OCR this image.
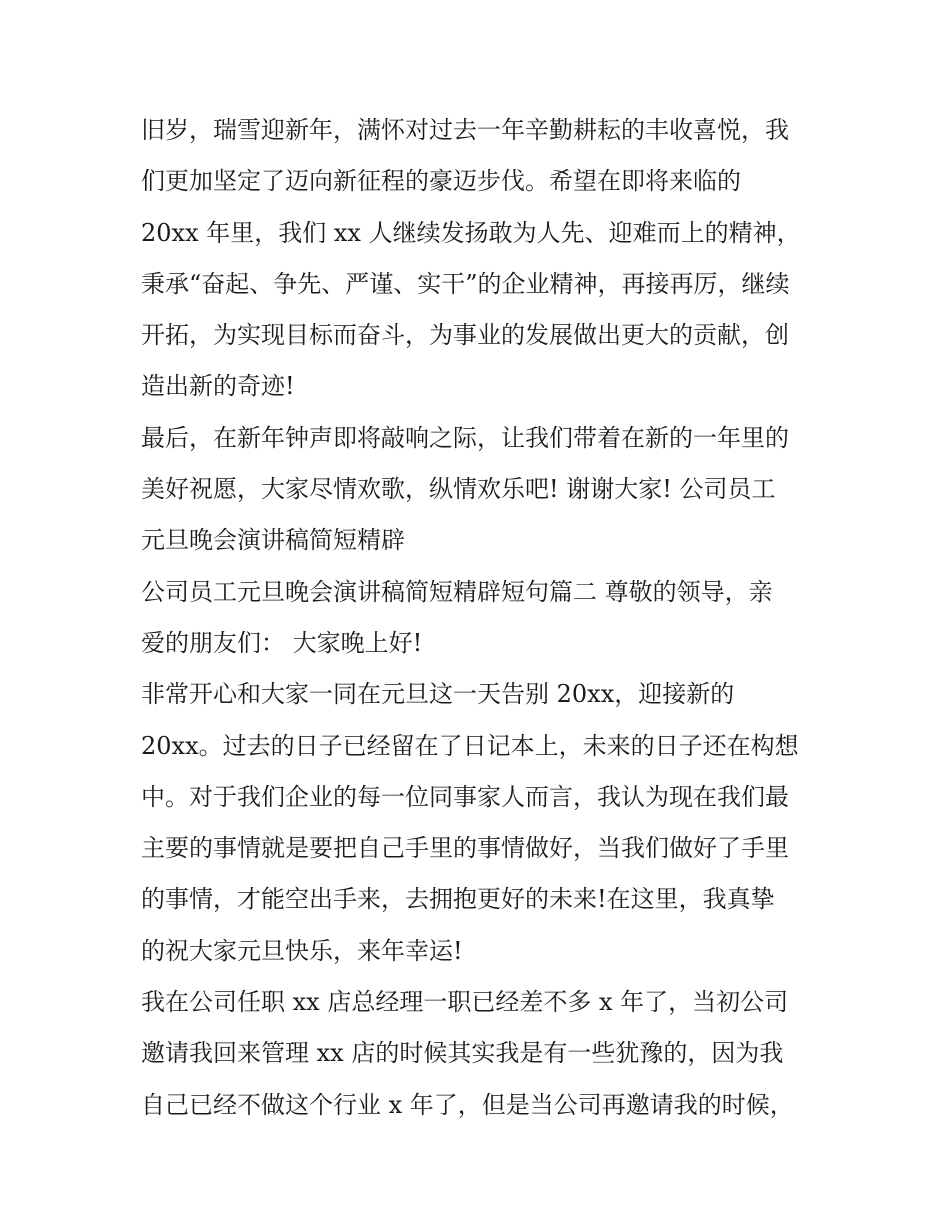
旧岁，瑞雪迎新年，满怀对过去一年辛勤耕耘的丰收喜悦，我
们更加坚定了迈向新征程的豪迈步伐。希望在即将来临的
20xx 年里，我们 xx 人继续发扬敢为人先、迎难而上的精神，
秉承“奋起、争先、严谨、实干”的企业精神，再接再厉，继续
开拓，为实现目标而奋斗，为事业的发展做出更大的贡献，创
造出新的奇迹!
最后，在新年钟声即将敲响之际，让我们带着在新的一年里的
美好祝愿，大家尽情欢歌，纵情欢乐吧! 谢谢大家! 公司员工
元旦晚会演讲稿简短精辟
公司员工元旦晚会演讲稿简短精辟短句篇二 尊敬的领导，亲
爱的朋友们： 大家晚上好!
非常开心和大家一同在元旦这一天告别 20xx，迎接新的
20xx。过去的日子已经留在了日记本上，未来的日子还在构想
中。对于我们企业的每一位同事家人而言，我认为现在我们最
主要的事情就是要把自己手里的事情做好，当我们做好了手里
的事情，才能空出手来，去拥抱更好的未来!在这里，我真挚
的祝大家元旦快乐，来年幸运!
我在公司任职 xx 店总经理一职已经差不多 x 年了，当初公司
邀请我回来管理 xx 店的时候其实我是有一些犹豫的，因为我
自己已经不做这个行业 x 年了，但是当公司再邀请我的时候，
